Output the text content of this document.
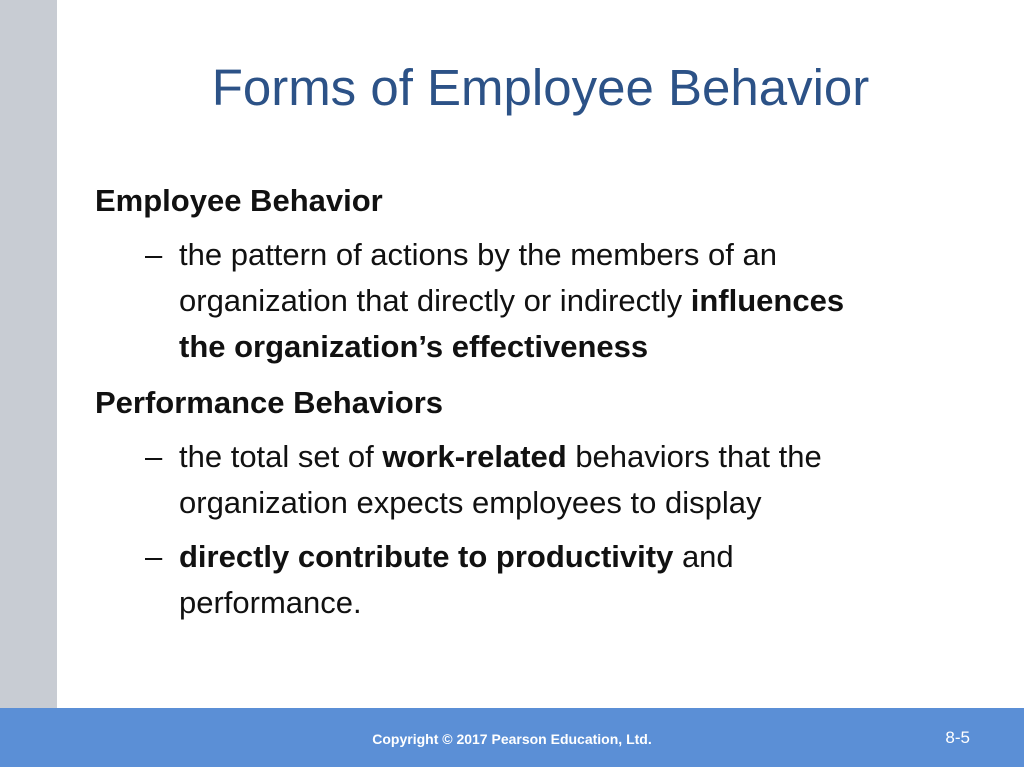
Forms of Employee Behavior
Employee Behavior
– the pattern of actions by the members of an
organization that directly or indirectly influences
the organization’s effectiveness
Performance Behaviors
– the total set of work-related behaviors that the
organization expects employees to display
– directly contribute to productivity and
performance.
Copyright © 2017 Pearson Education, Ltd.	8-5
